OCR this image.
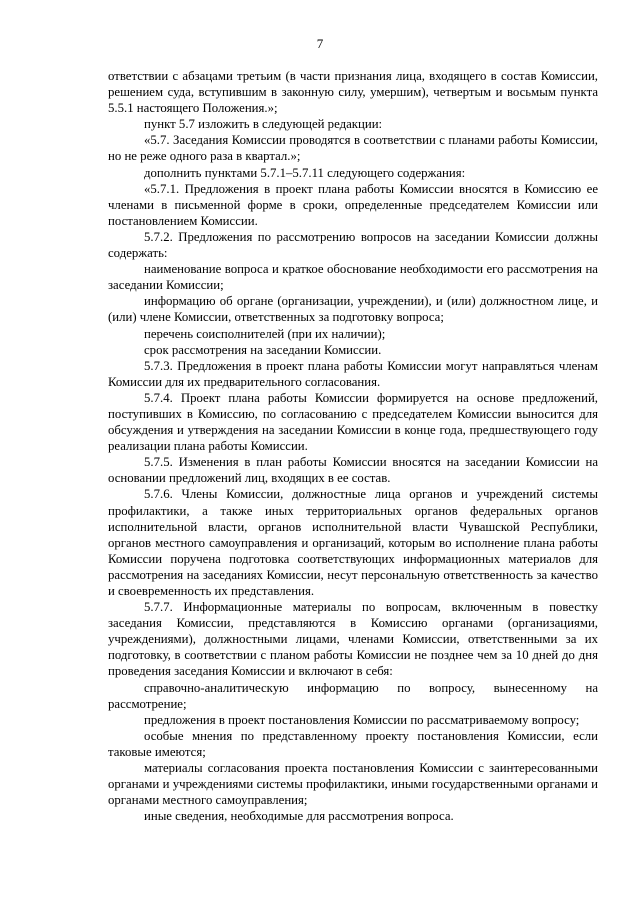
7

ответствии с абзацами третьим (в части признания лица, входящего в состав Комиссии, решением суда, вступившим в законную силу, умершим), четвертым и восьмым пункта 5.5.1 настоящего Положения.»;

пункт 5.7 изложить в следующей редакции:

«5.7. Заседания Комиссии проводятся в соответствии с планами работы Комиссии, но не реже одного раза в квартал.»;

дополнить пунктами 5.7.1–5.7.11 следующего содержания:

«5.7.1. Предложения в проект плана работы Комиссии вносятся в Комиссию ее членами в письменной форме в сроки, определенные председателем Комиссии или постановлением Комиссии.

5.7.2. Предложения по рассмотрению вопросов на заседании Комиссии должны содержать:

наименование вопроса и краткое обоснование необходимости его рассмотрения на заседании Комиссии;

информацию об органе (организации, учреждении), и (или) должностном лице, и (или) члене Комиссии, ответственных за подготовку вопроса;

перечень соисполнителей (при их наличии);

срок рассмотрения на заседании Комиссии.

5.7.3. Предложения в проект плана работы Комиссии могут направляться членам Комиссии для их предварительного согласования.

5.7.4. Проект плана работы Комиссии формируется на основе предложений, поступивших в Комиссию, по согласованию с председателем Комиссии выносится для обсуждения и утверждения на заседании Комиссии в конце года, предшествующего году реализации плана работы Комиссии.

5.7.5. Изменения в план работы Комиссии вносятся на заседании Комиссии на основании предложений лиц, входящих в ее состав.

5.7.6. Члены Комиссии, должностные лица органов и учреждений системы профилактики, а также иных территориальных органов федеральных органов исполнительной власти, органов исполнительной власти Чувашской Республики, органов местного самоуправления и организаций, которым во исполнение плана работы Комиссии поручена подготовка соответствующих информационных материалов для рассмотрения на заседаниях Комиссии, несут персональную ответственность за качество и своевременность их представления.

5.7.7. Информационные материалы по вопросам, включенным в повестку заседания Комиссии, представляются в Комиссию органами (организациями, учреждениями), должностными лицами, членами Комиссии, ответственными за их подготовку, в соответствии с планом работы Комиссии не позднее чем за 10 дней до дня проведения заседания Комиссии и включают в себя:

справочно-аналитическую информацию по вопросу, вынесенному на рассмотрение;

предложения в проект постановления Комиссии по рассматриваемому вопросу;

особые мнения по представленному проекту постановления Комиссии, если таковые имеются;

материалы согласования проекта постановления Комиссии с заинтересованными органами и учреждениями системы профилактики, иными государственными органами и органами местного самоуправления;

иные сведения, необходимые для рассмотрения вопроса.
